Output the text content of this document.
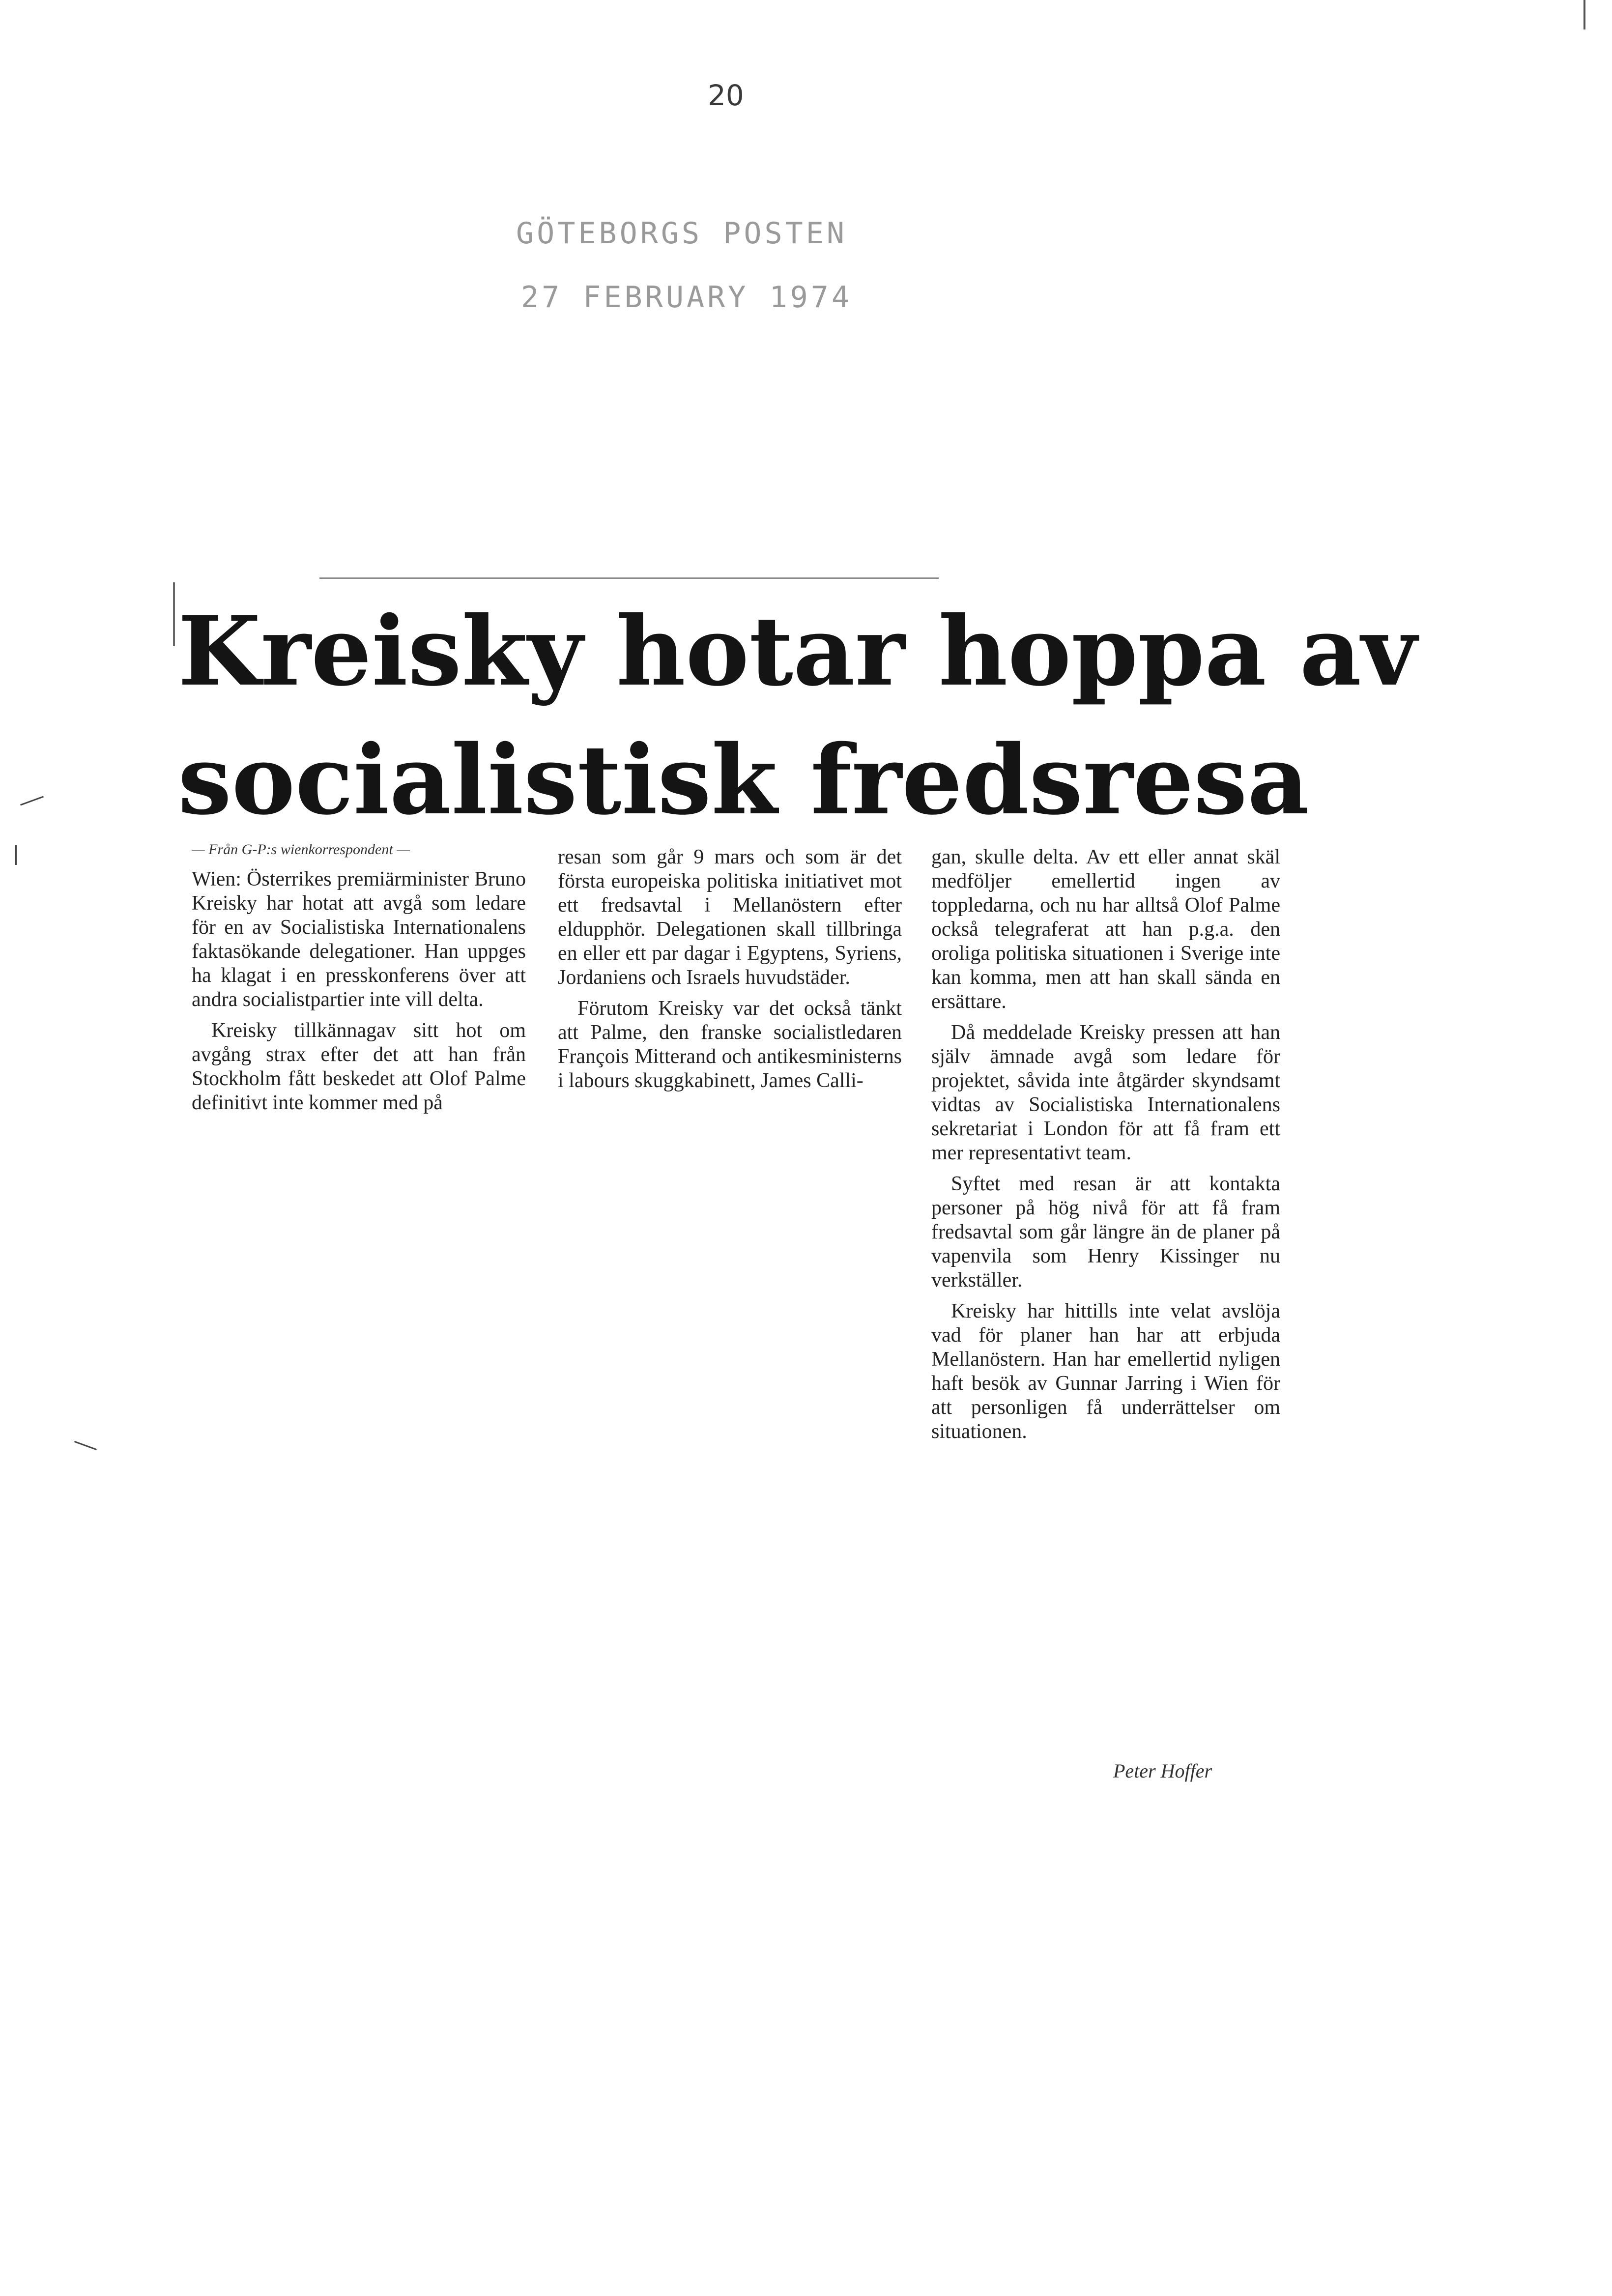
20
GÖTEBORGS POSTEN
27 FEBRUARY 1974
Kreisky hotar hoppa av
socialistisk fredsresa
— Från G-P:s wienkorrespondent —

Wien: Österrikes premiärminister Bruno Kreisky har hotat att avgå som ledare för en av Socialistiska Internationalens faktasökande delegationer. Han uppges ha klagat i en presskonferens över att andra socialistpartier inte vill delta.

Kreisky tillkännagav sitt hot om avgång strax efter det att han från Stockholm fått beskedet att Olof Palme definitivt inte kommer med på

resan som går 9 mars och som är det första europeiska politiska initiativet mot ett fredsavtal i Mellanöstern efter eldupphör. Delegationen skall tillbringa en eller ett par dagar i Egyptens, Syriens, Jordaniens och Israels huvudstäder.

Förutom Kreisky var det också tänkt att Palme, den franske socialistledaren François Mitterand och antikesministerns i labours skuggkabinett, James Calli-

gan, skulle delta. Av ett eller annat skäl medföljer emellertid ingen av toppledarna, och nu har alltså Olof Palme också telegraferat att han p.g.a. den oroliga politiska situationen i Sverige inte kan komma, men att han skall sända en ersättare.

Då meddelade Kreisky pressen att han själv ämnade avgå som ledare för projektet, såvida inte åtgärder skyndsamt vidtas av Socialistiska Internationalens sekretariat i London för att få fram ett mer representativt team.

Syftet med resan är att kontakta personer på hög nivå för att få fram fredsavtal som går längre än de planer på vapenvila som Henry Kissinger nu verkställer.

Kreisky har hittills inte velat avslöja vad för planer han har att erbjuda Mellanöstern. Han har emellertid nyligen haft besök av Gunnar Jarring i Wien för att personligen få underrättelser om situationen.

Peter Hoffer
